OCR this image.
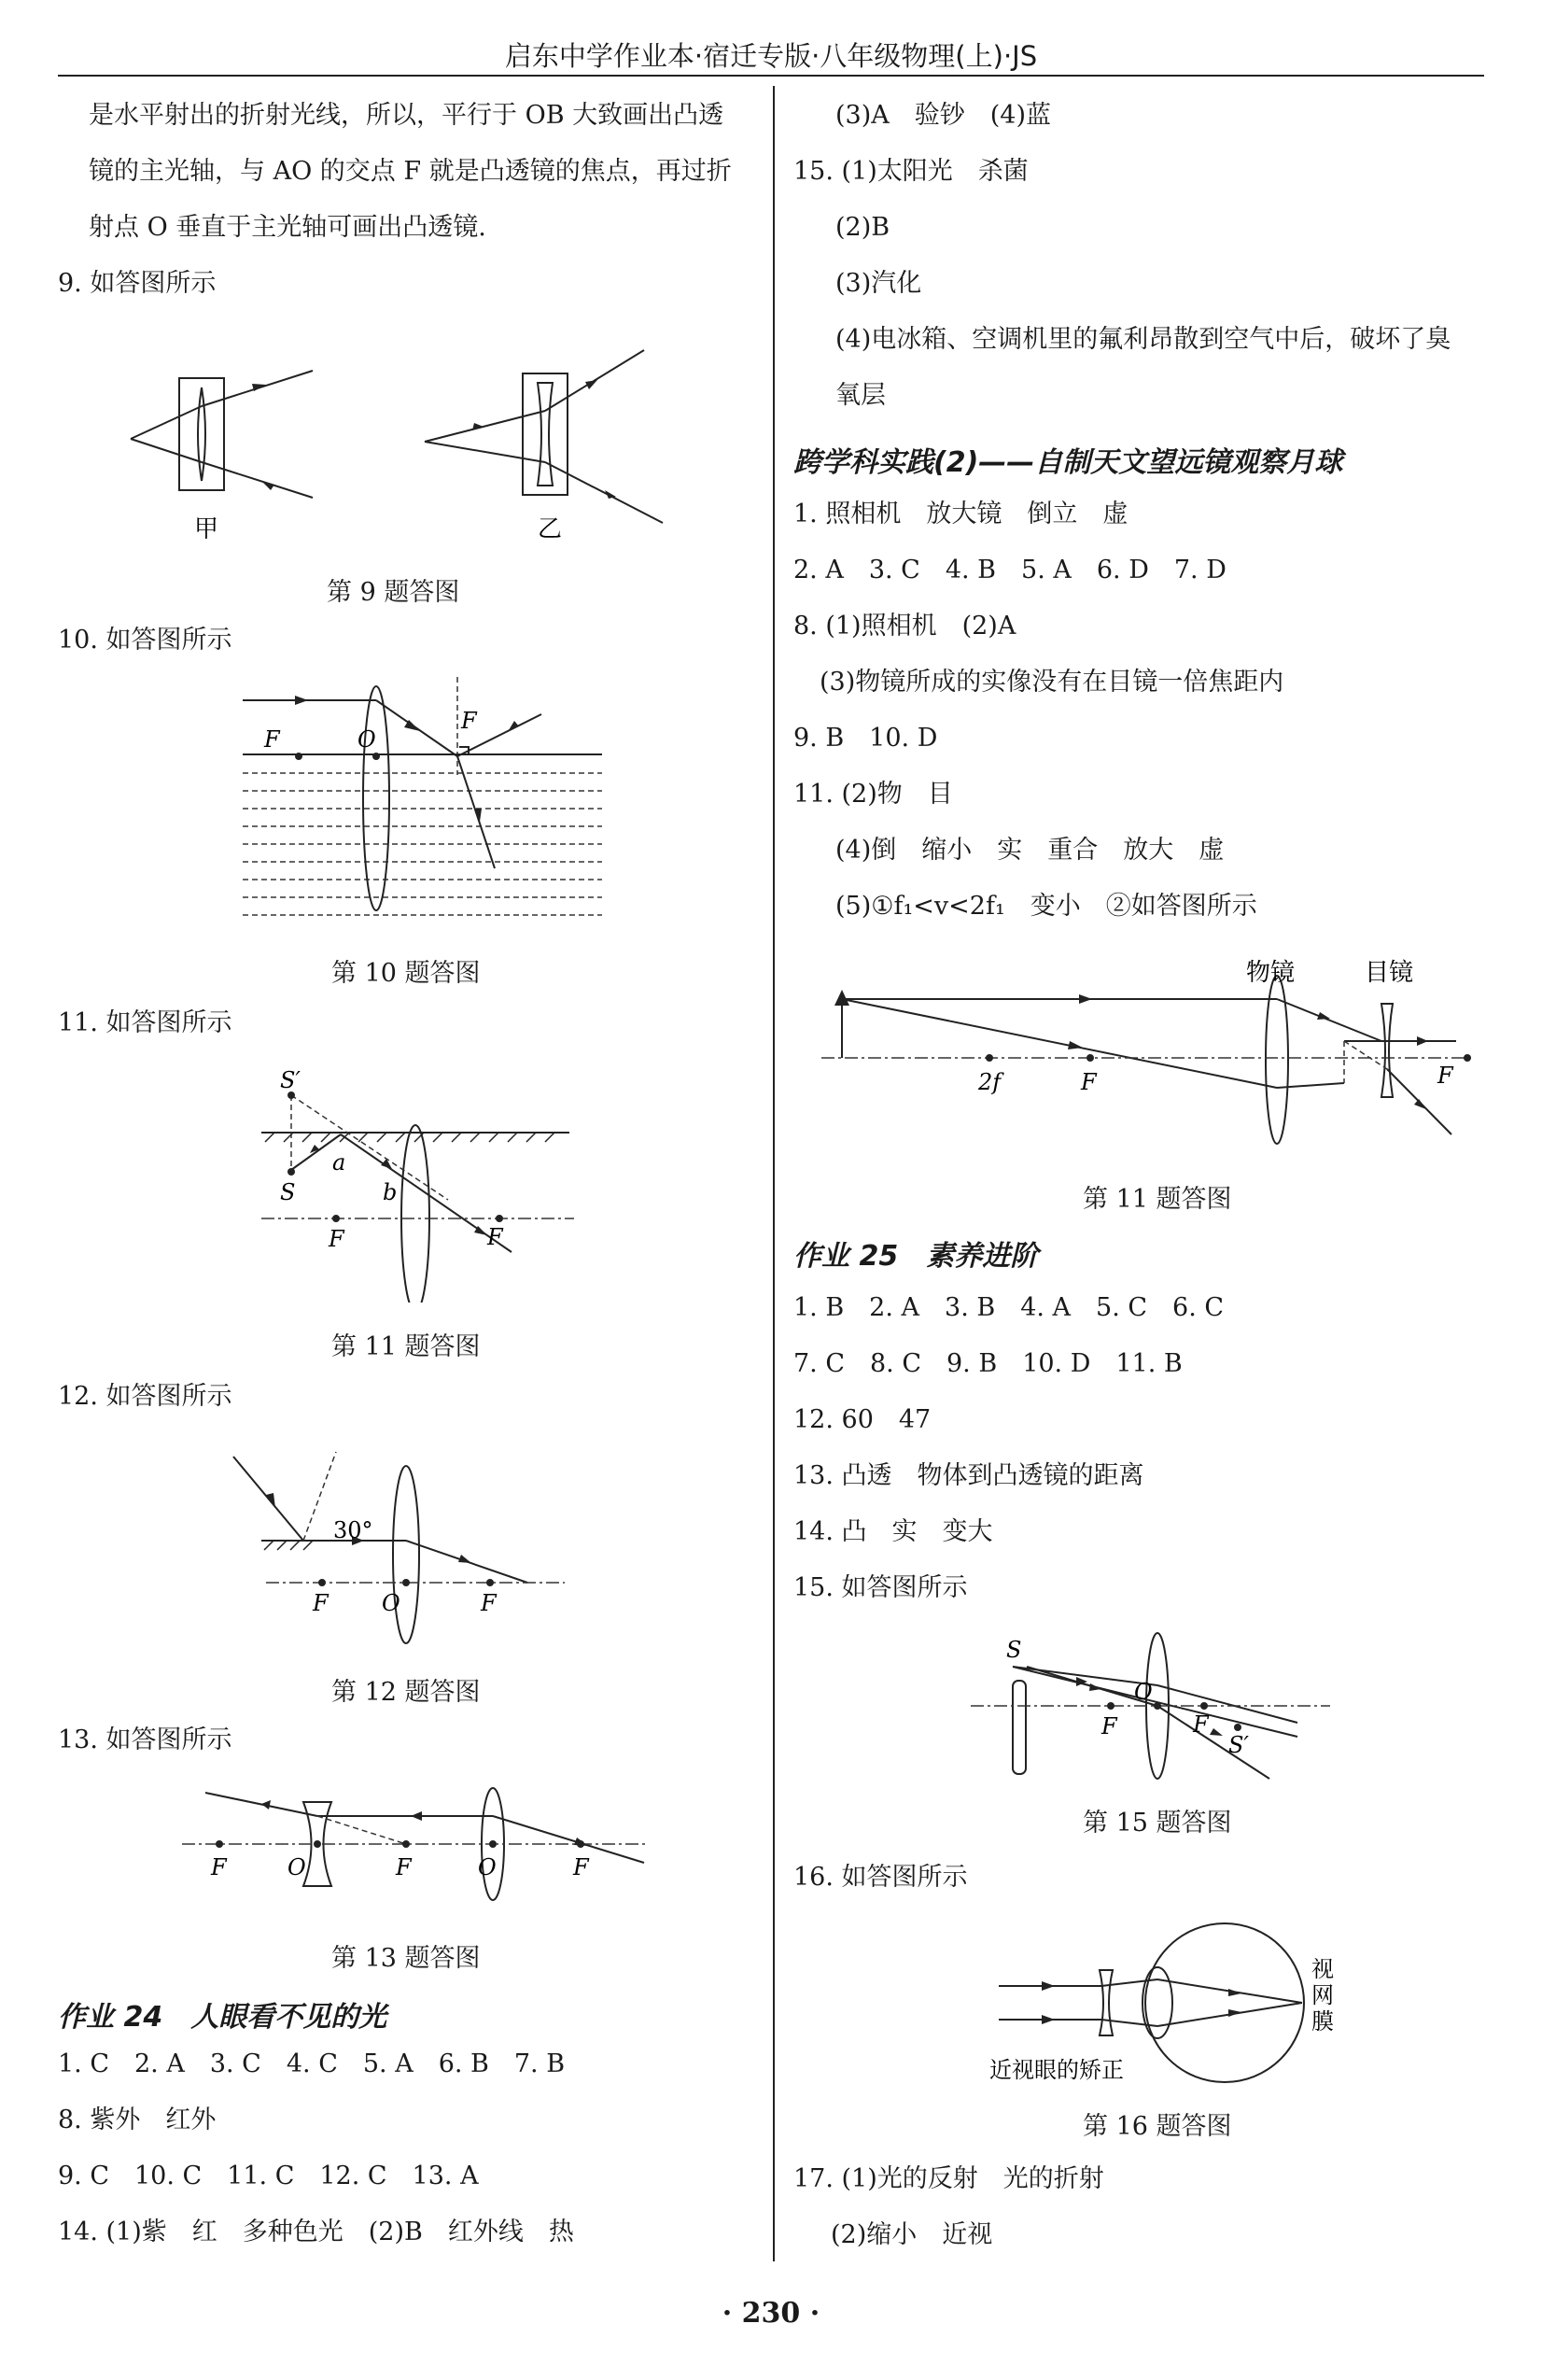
启东中学作业本·宿迁专版·八年级物理(上)·JS
是水平射出的折射光线，所以，平行于 OB 大致画出凸透
镜的主光轴，与 AO 的交点 F 就是凸透镜的焦点，再过折
射点 O 垂直于主光轴可画出凸透镜.
9. 如答图所示
甲	乙
第 9 题答图
10. 如答图所示
F	O
F
第 10 题答图
11. 如答图所示
S′
S
a
b
F	F
第 11 题答图
12. 如答图所示
30°
F O	F
第 12 题答图
13. 如答图所示
F	O	F	O	F
第 13 题答图
作业 24　人眼看不见的光
1. C　2. A　3. C　4. C　5. A　6. B　7. B
8. 紫外　红外
9. C　10. C　11. C　12. C　13. A
14. (1)紫　红　多种色光　(2)B　红外线　热
(3)A　验钞　(4)蓝
15. (1)太阳光　杀菌
(2)B
(3)汽化
(4)电冰箱、空调机里的氟利昂散到空气中后，破坏了臭
氧层
跨学科实践(2)——自制天文望远镜观察月球
1. 照相机　放大镜　倒立　虚
2. A　3. C　4. B　5. A　6. D　7. D
8. (1)照相机　(2)A
(3)物镜所成的实像没有在目镜一倍焦距内
9. B　10. D
11. (2)物　目
(4)倒　缩小　实　重合　放大　虚
(5)①f₁<v<2f₁　变小　②如答图所示
物镜	目镜
2f	F	F
第 11 题答图
作业 25　素养进阶
1. B　2. A　3. B　4. A　5. C　6. C
7. C　8. C　9. B　10. D　11. B
12. 60　47
13. 凸透　物体到凸透镜的距离
14. 凸　实　变大
15. 如答图所示
S
O
F	F
S′
第 15 题答图
16. 如答图所示
视
网
膜
近视眼的矫正
第 16 题答图
17. (1)光的反射　光的折射
(2)缩小　近视
· 230 ·
